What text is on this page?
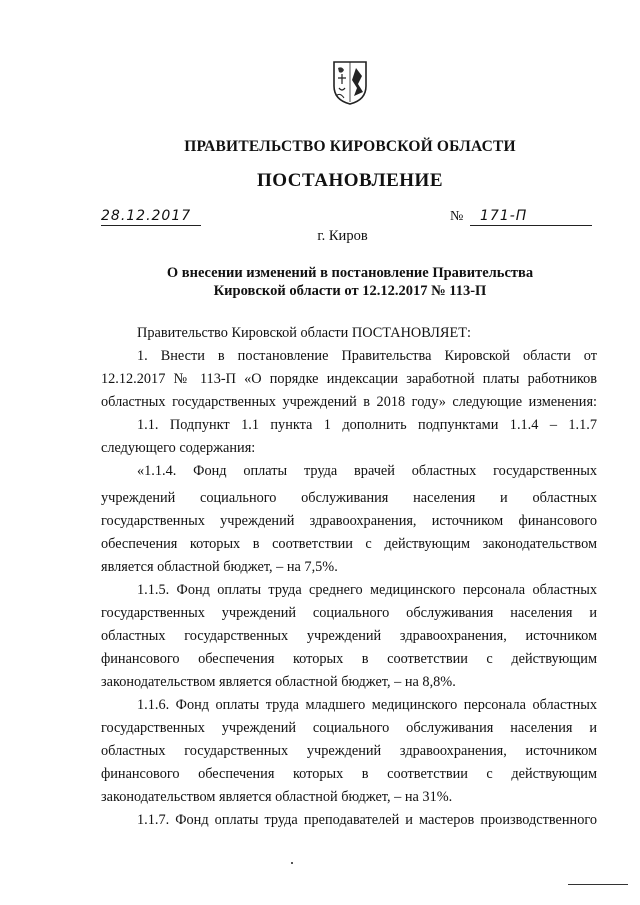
ПРАВИТЕЛЬСТВО КИРОВСКОЙ ОБЛАСТИ
ПОСТАНОВЛЕНИЕ
28.12.2017	№ 171-П
г. Киров
О внесении изменений в постановление Правительства
Кировской области от 12.12.2017 № 113-П
Правительство Кировской области ПОСТАНОВЛЯЕТ:
1. Внести в постановление Правительства Кировской области от
12.12.2017 № 113-П «О порядке индексации заработной платы работников
областных государственных учреждений в 2018 году» следующие изменения:
1.1. Подпункт 1.1 пункта 1 дополнить подпунктами 1.1.4 – 1.1.7
следующего содержания:
«1.1.4. Фонд оплаты труда врачей областных государственных
учреждений социального обслуживания населения и областных
государственных учреждений здравоохранения, источником финансового
обеспечения которых в соответствии с действующим законодательством
является областной бюджет, – на 7,5%.
1.1.5. Фонд оплаты труда среднего медицинского персонала областных
государственных учреждений социального обслуживания населения и
областных государственных учреждений здравоохранения, источником
финансового обеспечения которых в соответствии с действующим
законодательством является областной бюджет, – на 8,8%.
1.1.6. Фонд оплаты труда младшего медицинского персонала областных
государственных учреждений социального обслуживания населения и
областных государственных учреждений здравоохранения, источником
финансового обеспечения которых в соответствии с действующим
законодательством является областной бюджет, – на 31%.
1.1.7. Фонд оплаты труда преподавателей и мастеров производственного
